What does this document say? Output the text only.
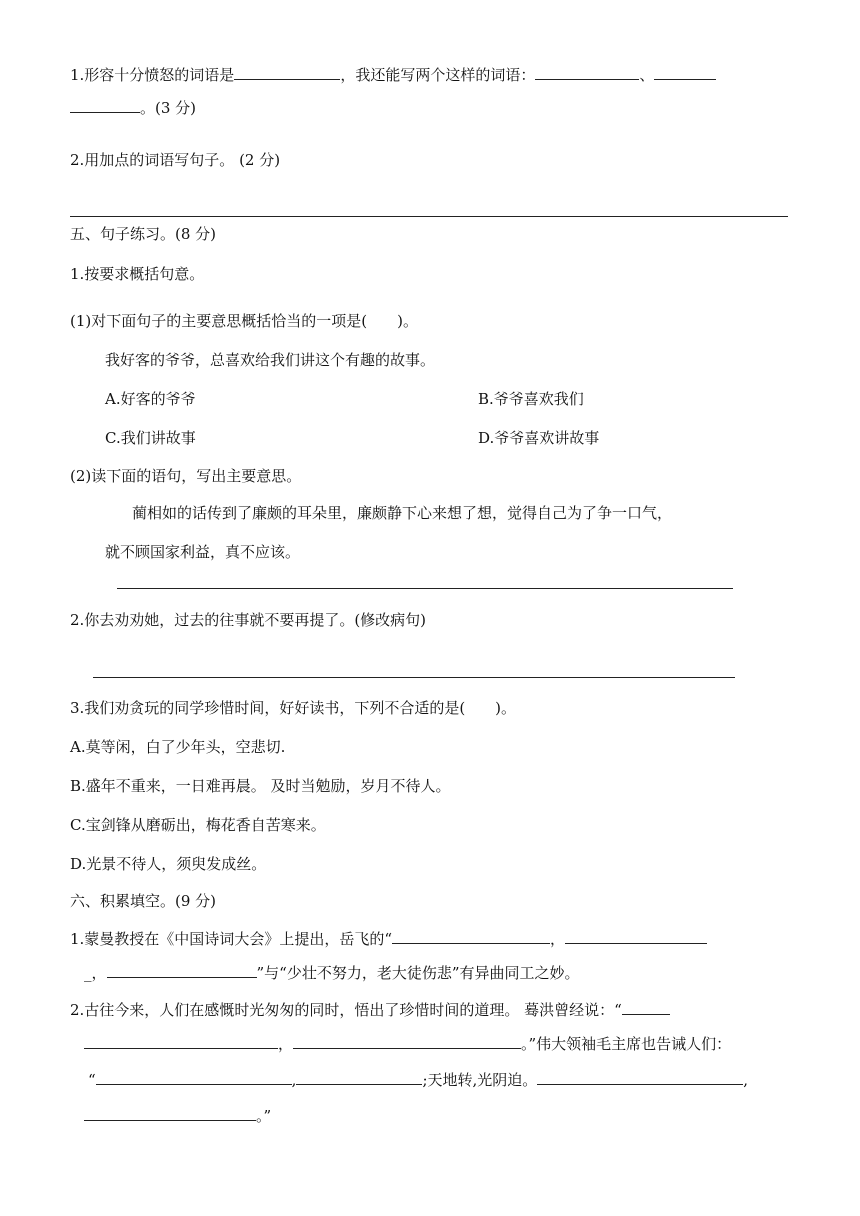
1.形容十分愤怒的词语是	，我还能写两个这样的词语：	、
。(3 分)
2.用加点的词语写句子。 (2 分)
五、句子练习。(8 分)
1.按要求概括句意。
(1)对下面句子的主要意思概括恰当的一项是(　　)。
我好客的爷爷，总喜欢给我们讲这个有趣的故事。
A.好客的爷爷	B.爷爷喜欢我们
C.我们讲故事	D.爷爷喜欢讲故事
(2)读下面的语句，写出主要意思。
蔺相如的话传到了廉颇的耳朵里，廉颇静下心来想了想，觉得自己为了争一口气，
就不顾国家利益，真不应该。
2.你去劝劝她，过去的往事就不要再提了。(修改病句)
3.我们劝贪玩的同学珍惜时间，好好读书，下列不合适的是(　　)。
A.莫等闲，白了少年头，空悲切.
B.盛年不重来，一日难再晨。 及时当勉励，岁月不待人。
C.宝剑锋从磨砺出，梅花香自苦寒来。
D.光景不待人，须臾发成丝。
六、积累填空。(9 分)
1.蒙曼教授在《中国诗词大会》上提出，岳飞的“	，
_，	”与“少壮不努力，老大徒伤悲”有异曲同工之妙。
2.古往今来，人们在感慨时光匆匆的同时，悟出了珍惜时间的道理。 蓦洪曾经说：“
，	。”伟大领袖毛主席也告诫人们：
“	,	;天地转,光阴迫。	,
。”
